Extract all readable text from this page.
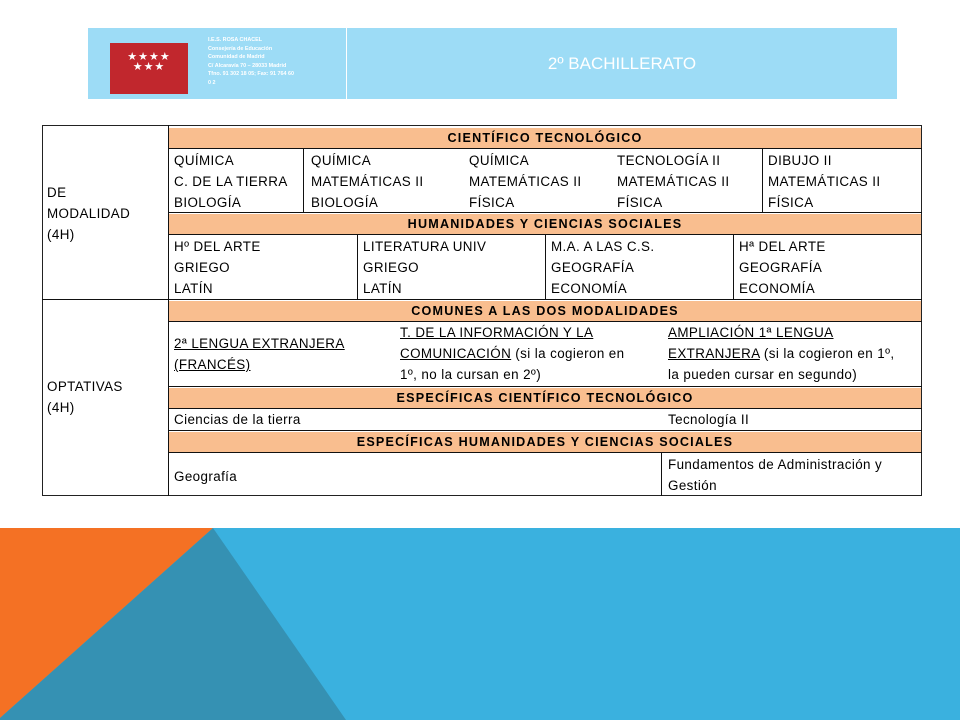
★★★★
★★★
I.E.S. ROSA CHACEL
Consejería de Educación
Comunidad de Madrid
C/ Alcaravía 70 – 28033 Madrid
Tfno. 91 302 18 05; Fax: 91 764 60
0 2
2º BACHILLERATO
DE
MODALIDAD
(4H)
OPTATIVAS
(4H)
CIENTÍFICO TECNOLÓGICO
QUÍMICA
C. DE LA TIERRA
BIOLOGÍA
QUÍMICA
MATEMÁTICAS II
BIOLOGÍA
QUÍMICA
MATEMÁTICAS II
FÍSICA
TECNOLOGÍA II
MATEMÁTICAS II
FÍSICA
DIBUJO II
MATEMÁTICAS II
FÍSICA
HUMANIDADES Y CIENCIAS SOCIALES
Hº DEL ARTE
GRIEGO
LATÍN
LITERATURA UNIV
GRIEGO
LATÍN
M.A. A LAS C.S.
GEOGRAFÍA
ECONOMÍA
Hª DEL ARTE
GEOGRAFÍA
ECONOMÍA
COMUNES A LAS DOS MODALIDADES
2ª LENGUA EXTRANJERA
(FRANCÉS)
T. DE LA INFORMACIÓN Y LA
COMUNICACIÓN (si la cogieron en
1º, no la cursan en 2º)
AMPLIACIÓN 1ª LENGUA
EXTRANJERA (si la cogieron en 1º,
la pueden cursar en segundo)
ESPECÍFICAS CIENTÍFICO TECNOLÓGICO
Ciencias de la tierra	Tecnología II
ESPECÍFICAS HUMANIDADES Y CIENCIAS SOCIALES
Geografía
Fundamentos de Administración y
Gestión
